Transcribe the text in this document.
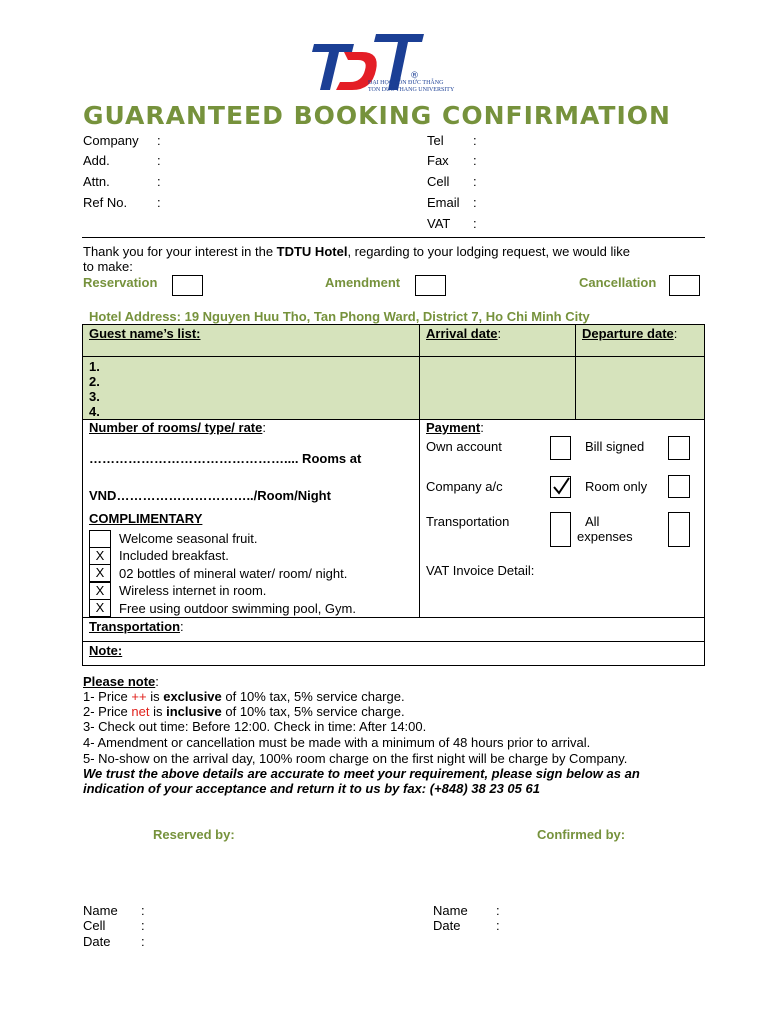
®
ĐẠI HỌC TÔN ĐỨC THẮNG
TON DUC THANG UNIVERSITY
GUARANTEED BOOKING CONFIRMATION
Company :
Add.	:
Attn.	:
Ref No. :
Tel :
Fax :
Cell :
Email :
VAT :
Thank you for your interest in the TDTU Hotel, regarding to your lodging request, we would like
to make:
Reservation	Amendment	Cancellation
Hotel Address: 19 Nguyen Huu Tho, Tan Phong Ward, District 7, Ho Chi Minh City
Guest name’s list:	Arrival date:	Departure date:
1.
2.
3.
4.
Number of rooms/ type/ rate:
……………………………………….... Rooms at
VND…………………………../Room/Night
COMPLIMENTARY
Welcome seasonal fruit.
X	Included breakfast.
X	02 bottles of mineral water/ room/ night.
X	Wireless internet in room.
X	Free using outdoor swimming pool, Gym.
Payment:
Own account	Bill signed
Company a/c	Room only
Transportation	All
expenses
VAT Invoice Detail:
Transportation:
Note:
Please note:
1- Price ++ is exclusive of 10% tax, 5% service charge.
2- Price net is inclusive of 10% tax, 5% service charge.
3- Check out time: Before 12:00. Check in time: After 14:00.
4- Amendment or cancellation must be made with a minimum of 48 hours prior to arrival.
5- No-show on the arrival day, 100% room charge on the first night will be charge by Company.
We trust the above details are accurate to meet your requirement, please sign below as an
indication of your acceptance and return it to us by fax: (+848) 38 23 05 61
Reserved by:	Confirmed by:
Name :
Cell	:
Date :
Name :
Date	:
